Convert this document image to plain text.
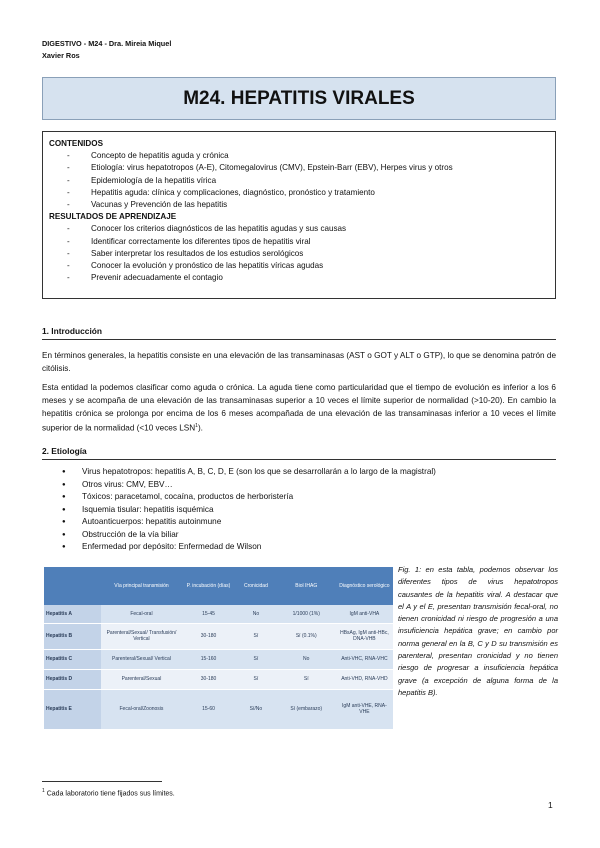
DIGESTIVO - M24 - Dra. Mireia Miquel
Xavier Ros
M24. HEPATITIS VIRALES
CONTENIDOS
-	Concepto de hepatitis aguda y crónica
-	Etiología: virus hepatotropos (A-E), Citomegalovirus (CMV), Epstein-Barr (EBV), Herpes virus y otros
-	Epidemiología de la hepatitis vírica
-	Hepatitis aguda: clínica y complicaciones, diagnóstico, pronóstico y tratamiento
-	Vacunas y Prevención de las hepatitis
RESULTADOS DE APRENDIZAJE
-	Conocer los criterios diagnósticos de las hepatitis agudas y sus causas
-	Identificar correctamente los diferentes tipos de hepatitis viral
-	Saber interpretar los resultados de los estudios serológicos
-	Conocer la evolución y pronóstico de las hepatitis víricas agudas
-	Prevenir adecuadamente el contagio
1. Introducción
En términos generales, la hepatitis consiste en una elevación de las transaminasas (AST o GOT y ALT o GTP), lo que se denomina patrón de citólisis.
Esta entidad la podemos clasificar como aguda o crónica. La aguda tiene como particularidad que el tiempo de evolución es inferior a los 6 meses y se acompaña de una elevación de las transaminasas superior a 10 veces el límite superior de normalidad (>10-20). En cambio la hepatitis crónica se prolonga por encima de los 6 meses acompañada de una elevación de las transaminasas inferior a 10 veces el límite superior de la normalidad (<10 veces LSN$^1$).
2. Etiología
● Virus hepatotropos: hepatitis A, B, C, D, E (son los que se desarrollarán a lo largo de la magistral)
● Otros virus: CMV, EBV…
● Tóxicos: paracetamol, cocaína, productos de herboristería
● Isquemia tisular: hepatitis isquémica
● Autoanticuerpos: hepatitis autoinmune
● Obstrucción de la vía biliar
● Enfermedad por depósito: Enfermedad de Wilson
	Vía principal transmisión	P. incubación (días)	Cronicidad	Biol IHAG	Diagnóstico serológico
Hepatitis A	Fecal-oral	15-45	No	1/1000 (1%)	IgM anti-VHA
Hepatitis B	Parenteral/Sexual/ Transfusión/ Vertical	30-180	Sí	Sí (0.1%)	HBsAg, IgM anti-HBc, DNA-VHB
Hepatitis C	Parenteral/Sexual/ Vertical	15-160	Sí	No	Anti-VHC, RNA-VHC
Hepatitis D	Parenteral/Sexual	30-180	Sí	Sí	Anti-VHD, RNA-VHD
Hepatitis E	Fecal-oral/Zoonosis	15-60	Sí/No	Sí (embarazo)	IgM anti-VHE, RNA-VHE
Fig. 1: en esta tabla, podemos observar los diferentes tipos de virus hepatotropos causantes de la hepatitis viral. A destacar que el A y el E, presentan transmisión fecal-oral, no tienen cronicidad ni riesgo de progresión a una insuficiencia hepática grave; en cambio por norma general en la B, C y D su transmisión es parenteral, presentan cronicidad y no tienen riesgo de progresar a insuficiencia hepática grave (a excepción de alguna forma de la hepatitis B).
$^1$ Cada laboratorio tiene fijados sus límites.
1
